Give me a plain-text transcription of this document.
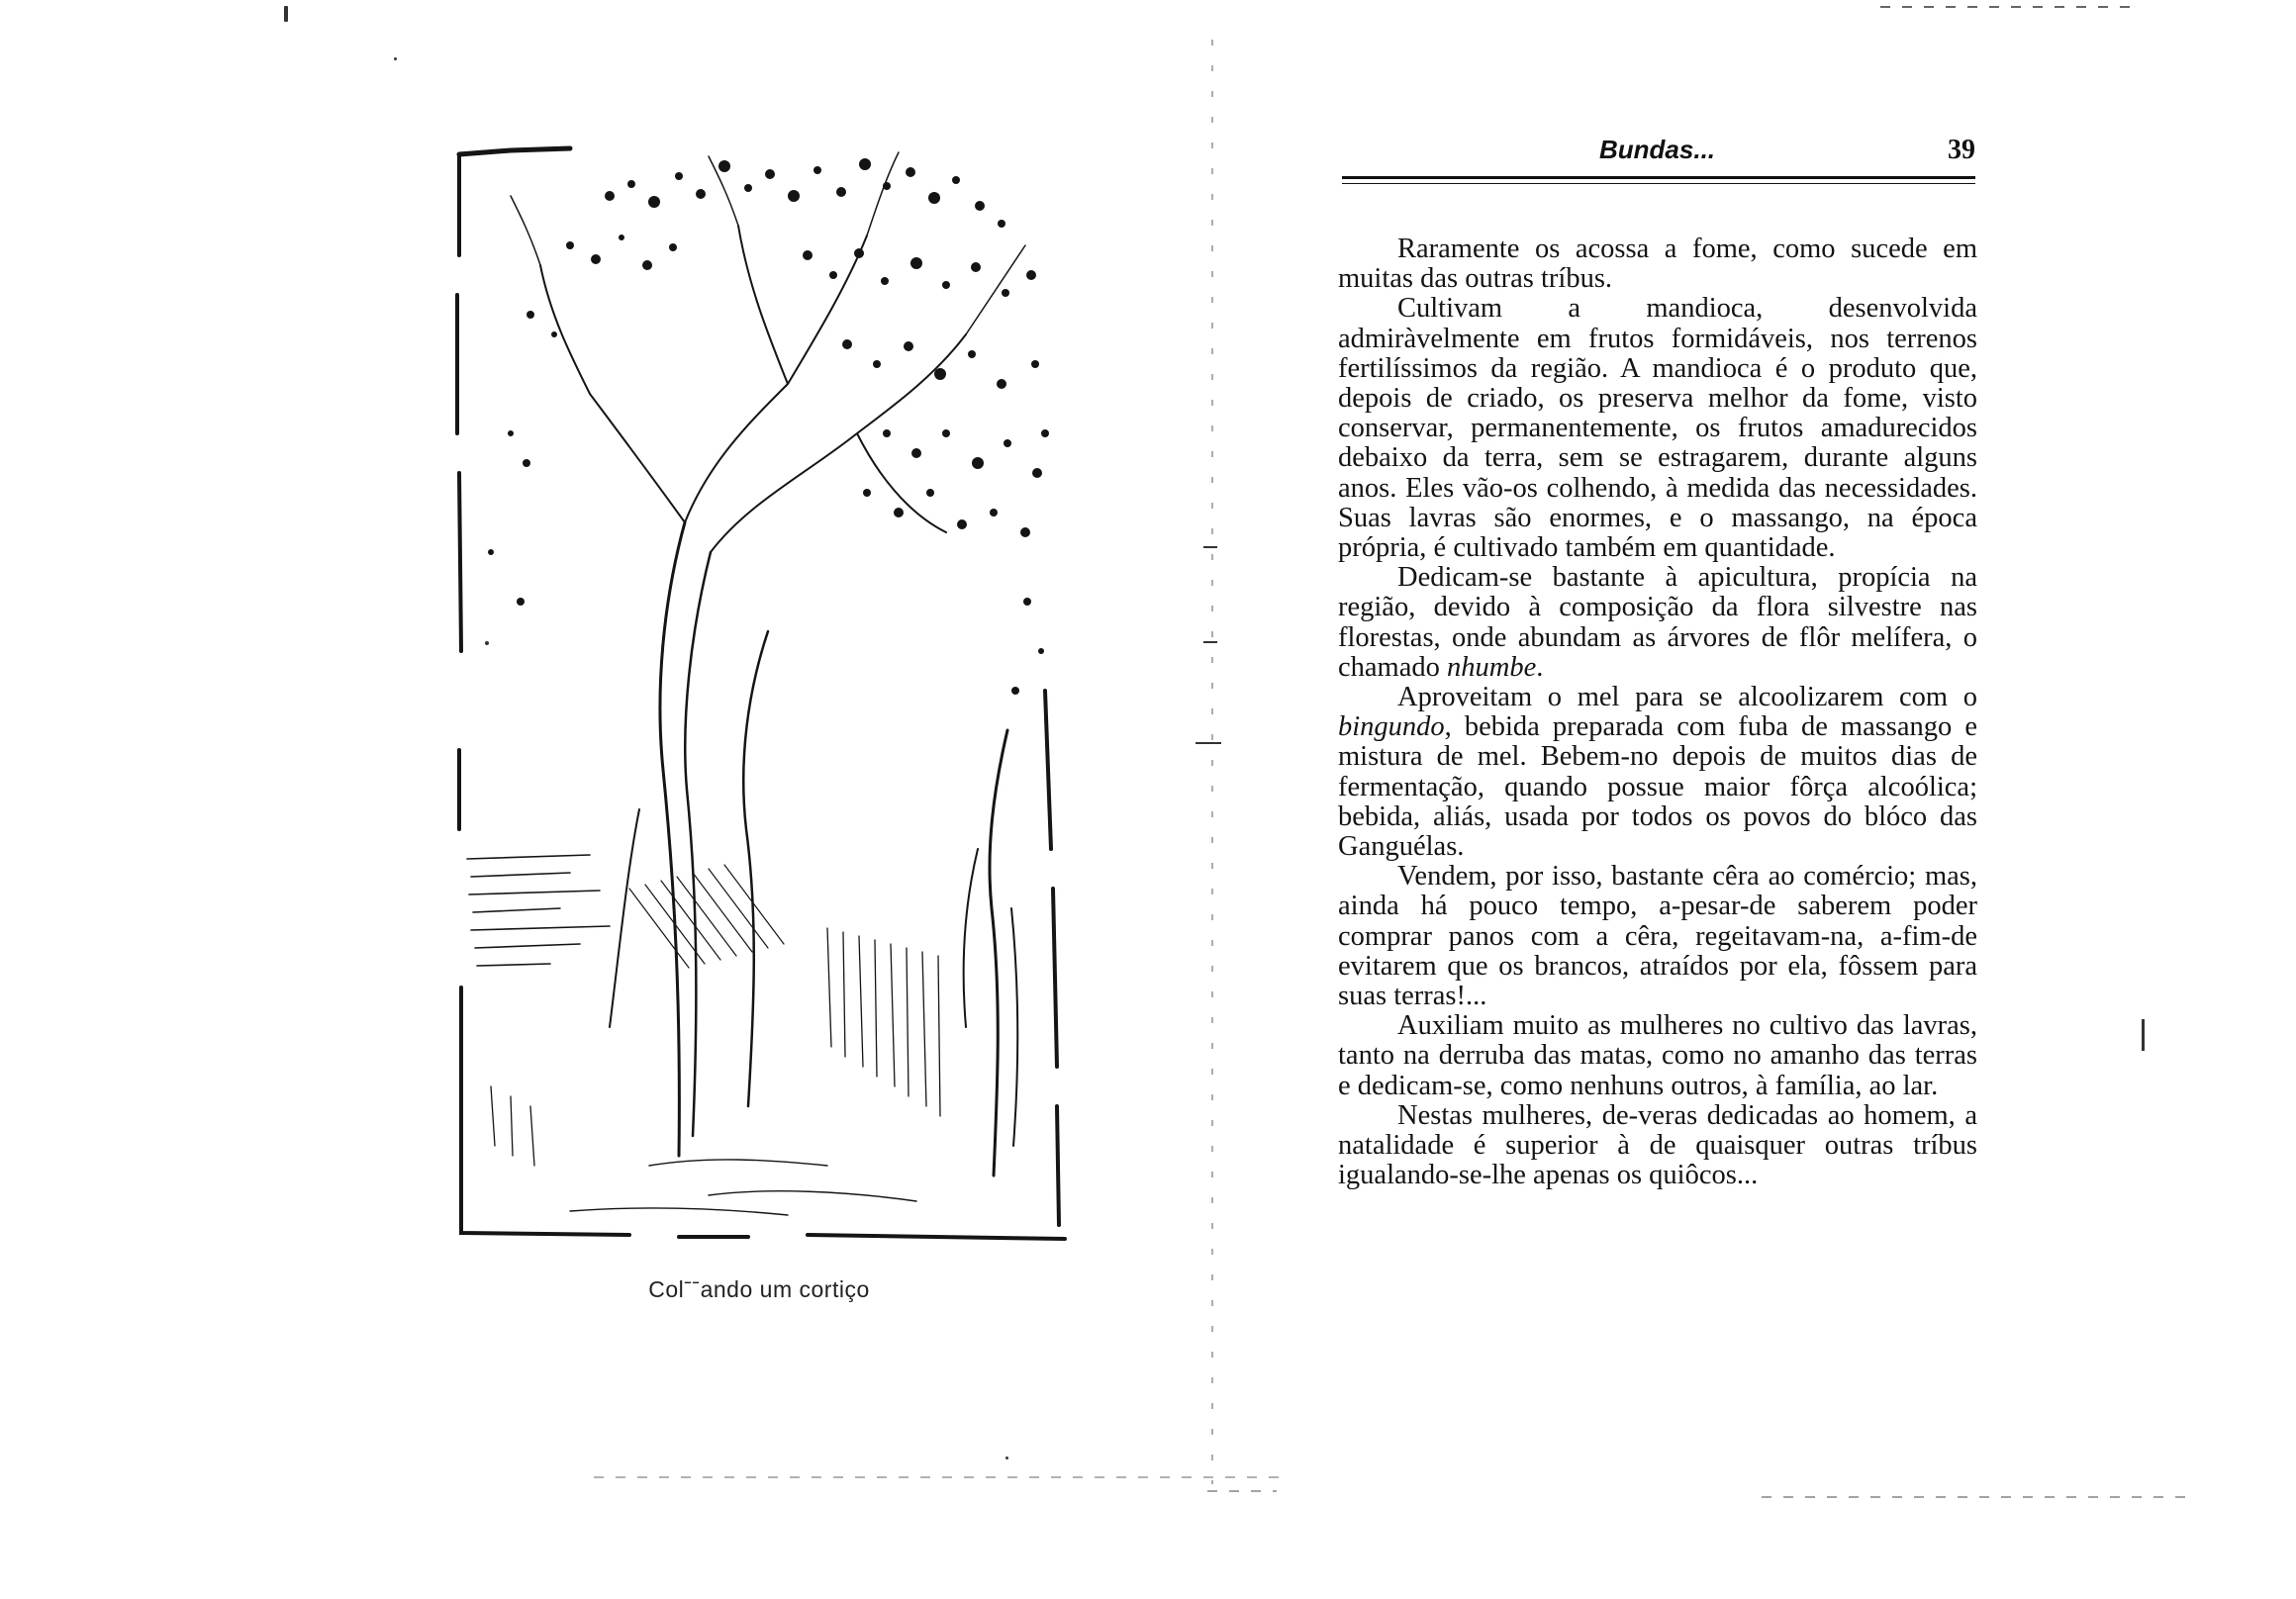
Colˉˉando um cortiço
Bundas...	39

Raramente os acossa a fome, como sucede em muitas das outras tríbus.

Cultivam a mandioca, desenvolvida admiràvelmente em frutos formidáveis, nos terrenos fertilíssimos da região. A mandioca é o produto que, depois de criado, os preserva melhor da fome, visto conservar, permanentemente, os frutos amadurecidos debaixo da terra, sem se estragarem, durante alguns anos. Eles vão-os colhendo, à medida das necessidades. Suas lavras são enormes, e o massango, na época própria, é cultivado também em quantidade.

Dedicam-se bastante à apicultura, propícia na região, devido à composição da flora silvestre nas florestas, onde abundam as árvores de flôr melífera, o chamado nhumbe.

Aproveitam o mel para se alcoolizarem com o bingundo, bebida preparada com fuba de massango e mistura de mel. Bebem-no depois de muitos dias de fermentação, quando possue maior fôrça alcoólica; bebida, aliás, usada por todos os povos do blóco das Ganguélas.

Vendem, por isso, bastante cêra ao comércio; mas, ainda há pouco tempo, a-pesar-de saberem poder comprar panos com a cêra, regeitavam-na, a-fim-de evitarem que os brancos, atraídos por ela, fôssem para suas terras!...

Auxiliam muito as mulheres no cultivo das lavras, tanto na derruba das matas, como no amanho das terras e dedicam-se, como nenhuns outros, à família, ao lar.

Nestas mulheres, de-veras dedicadas ao homem, a natalidade é superior à de quaisquer outras tríbus igualando-se-lhe apenas os quiôcos...
